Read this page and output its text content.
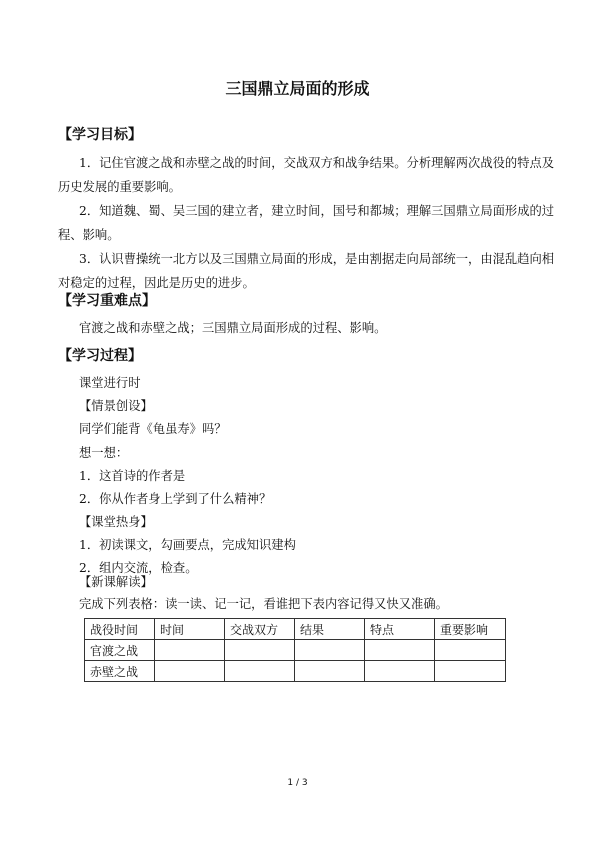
三国鼎立局面的形成
【学习目标】

1．记住官渡之战和赤壁之战的时间，交战双方和战争结果。分析理解两次战役的特点及

历史发展的重要影响。

2．知道魏、蜀、吴三国的建立者，建立时间，国号和都城；理解三国鼎立局面形成的过

程、影响。

3．认识曹操统一北方以及三国鼎立局面的形成，是由割据走向局部统一，由混乱趋向相

对稳定的过程，因此是历史的进步。

【学习重难点】

官渡之战和赤壁之战；三国鼎立局面形成的过程、影响。

【学习过程】
课堂进行时
【情景创设】
同学们能背《龟虽寿》吗？
想一想：
1．这首诗的作者是
2．你从作者身上学到了什么精神？
【课堂热身】
1．初读课文，勾画要点，完成知识建构
2．组内交流，检查。
【新课解读】
完成下列表格：读一读、记一记，看谁把下表内容记得又快又准确。
战役时间	时间	交战双方	结果	特点	重要影响
官渡之战					
赤壁之战					
1 / 3
